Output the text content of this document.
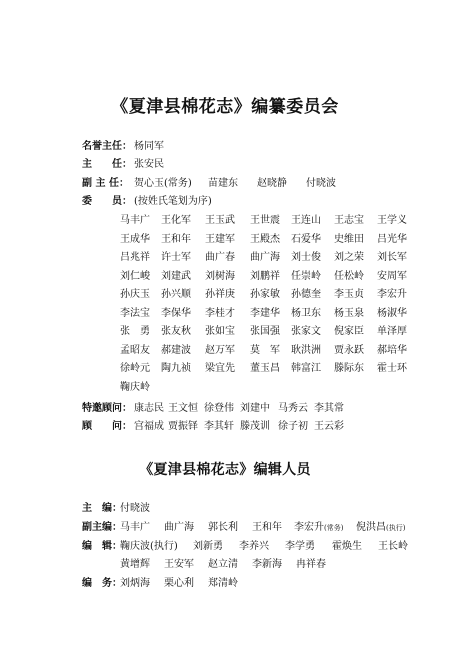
《夏津县棉花志》编纂委员会
名誉主任： 杨同军
主　　任： 张安民
副 主 任： 贺心玉(常务) 苗建东 赵晓静 付晓波
委　　员： (按姓氏笔划为序)
马丰广 王化军 王玉武 王世震 王连山 王志宝 王学义
王成华 王和年 王建军 王殿杰 石爱华 史维田 吕光华
吕兆祥 许士军 曲广春 曲广海 刘士俊 刘之荣 刘长军
刘仁峻 刘建武 刘树海 刘鹏祥 任崇岭 任松岭 安周军
孙庆玉 孙兴顺 孙祥庚 孙家敏 孙德奎 李玉贞 李宏升
李法宝 李保华 李桂才 李建华 杨卫东 杨玉泉 杨淑华
张　勇 张友秋 张如宝 张国强 张家文 倪家臣 单泽厚
孟昭友 郝建波 赵万军 莫　军 耿洪洲 贾永跃 郝培华
徐岭元 陶九祯 梁宜先 董玉昌 韩富江 滕际东 霍士环
鞠庆岭
特邀顾问： 康志民 王文恒 徐登伟 刘建中 马秀云 李其常
顾　　问： 宫福成 贾振铎 李其轩 滕茂训 徐子初 王云彩
《夏津县棉花志》编辑人员
主　编：
付晓波
副主编：
马丰广 曲广海 郭长利 王和年 李宏升(常务) 倪洪昌(执行)
编　辑：
鞠庆波(执行) 刘新勇 李养兴 李学勇 霍焕生 王长岭
黄增辉 王安军 赵立清 李新海 冉祥春
编　务：
刘炳海 栗心利 郑清岭
